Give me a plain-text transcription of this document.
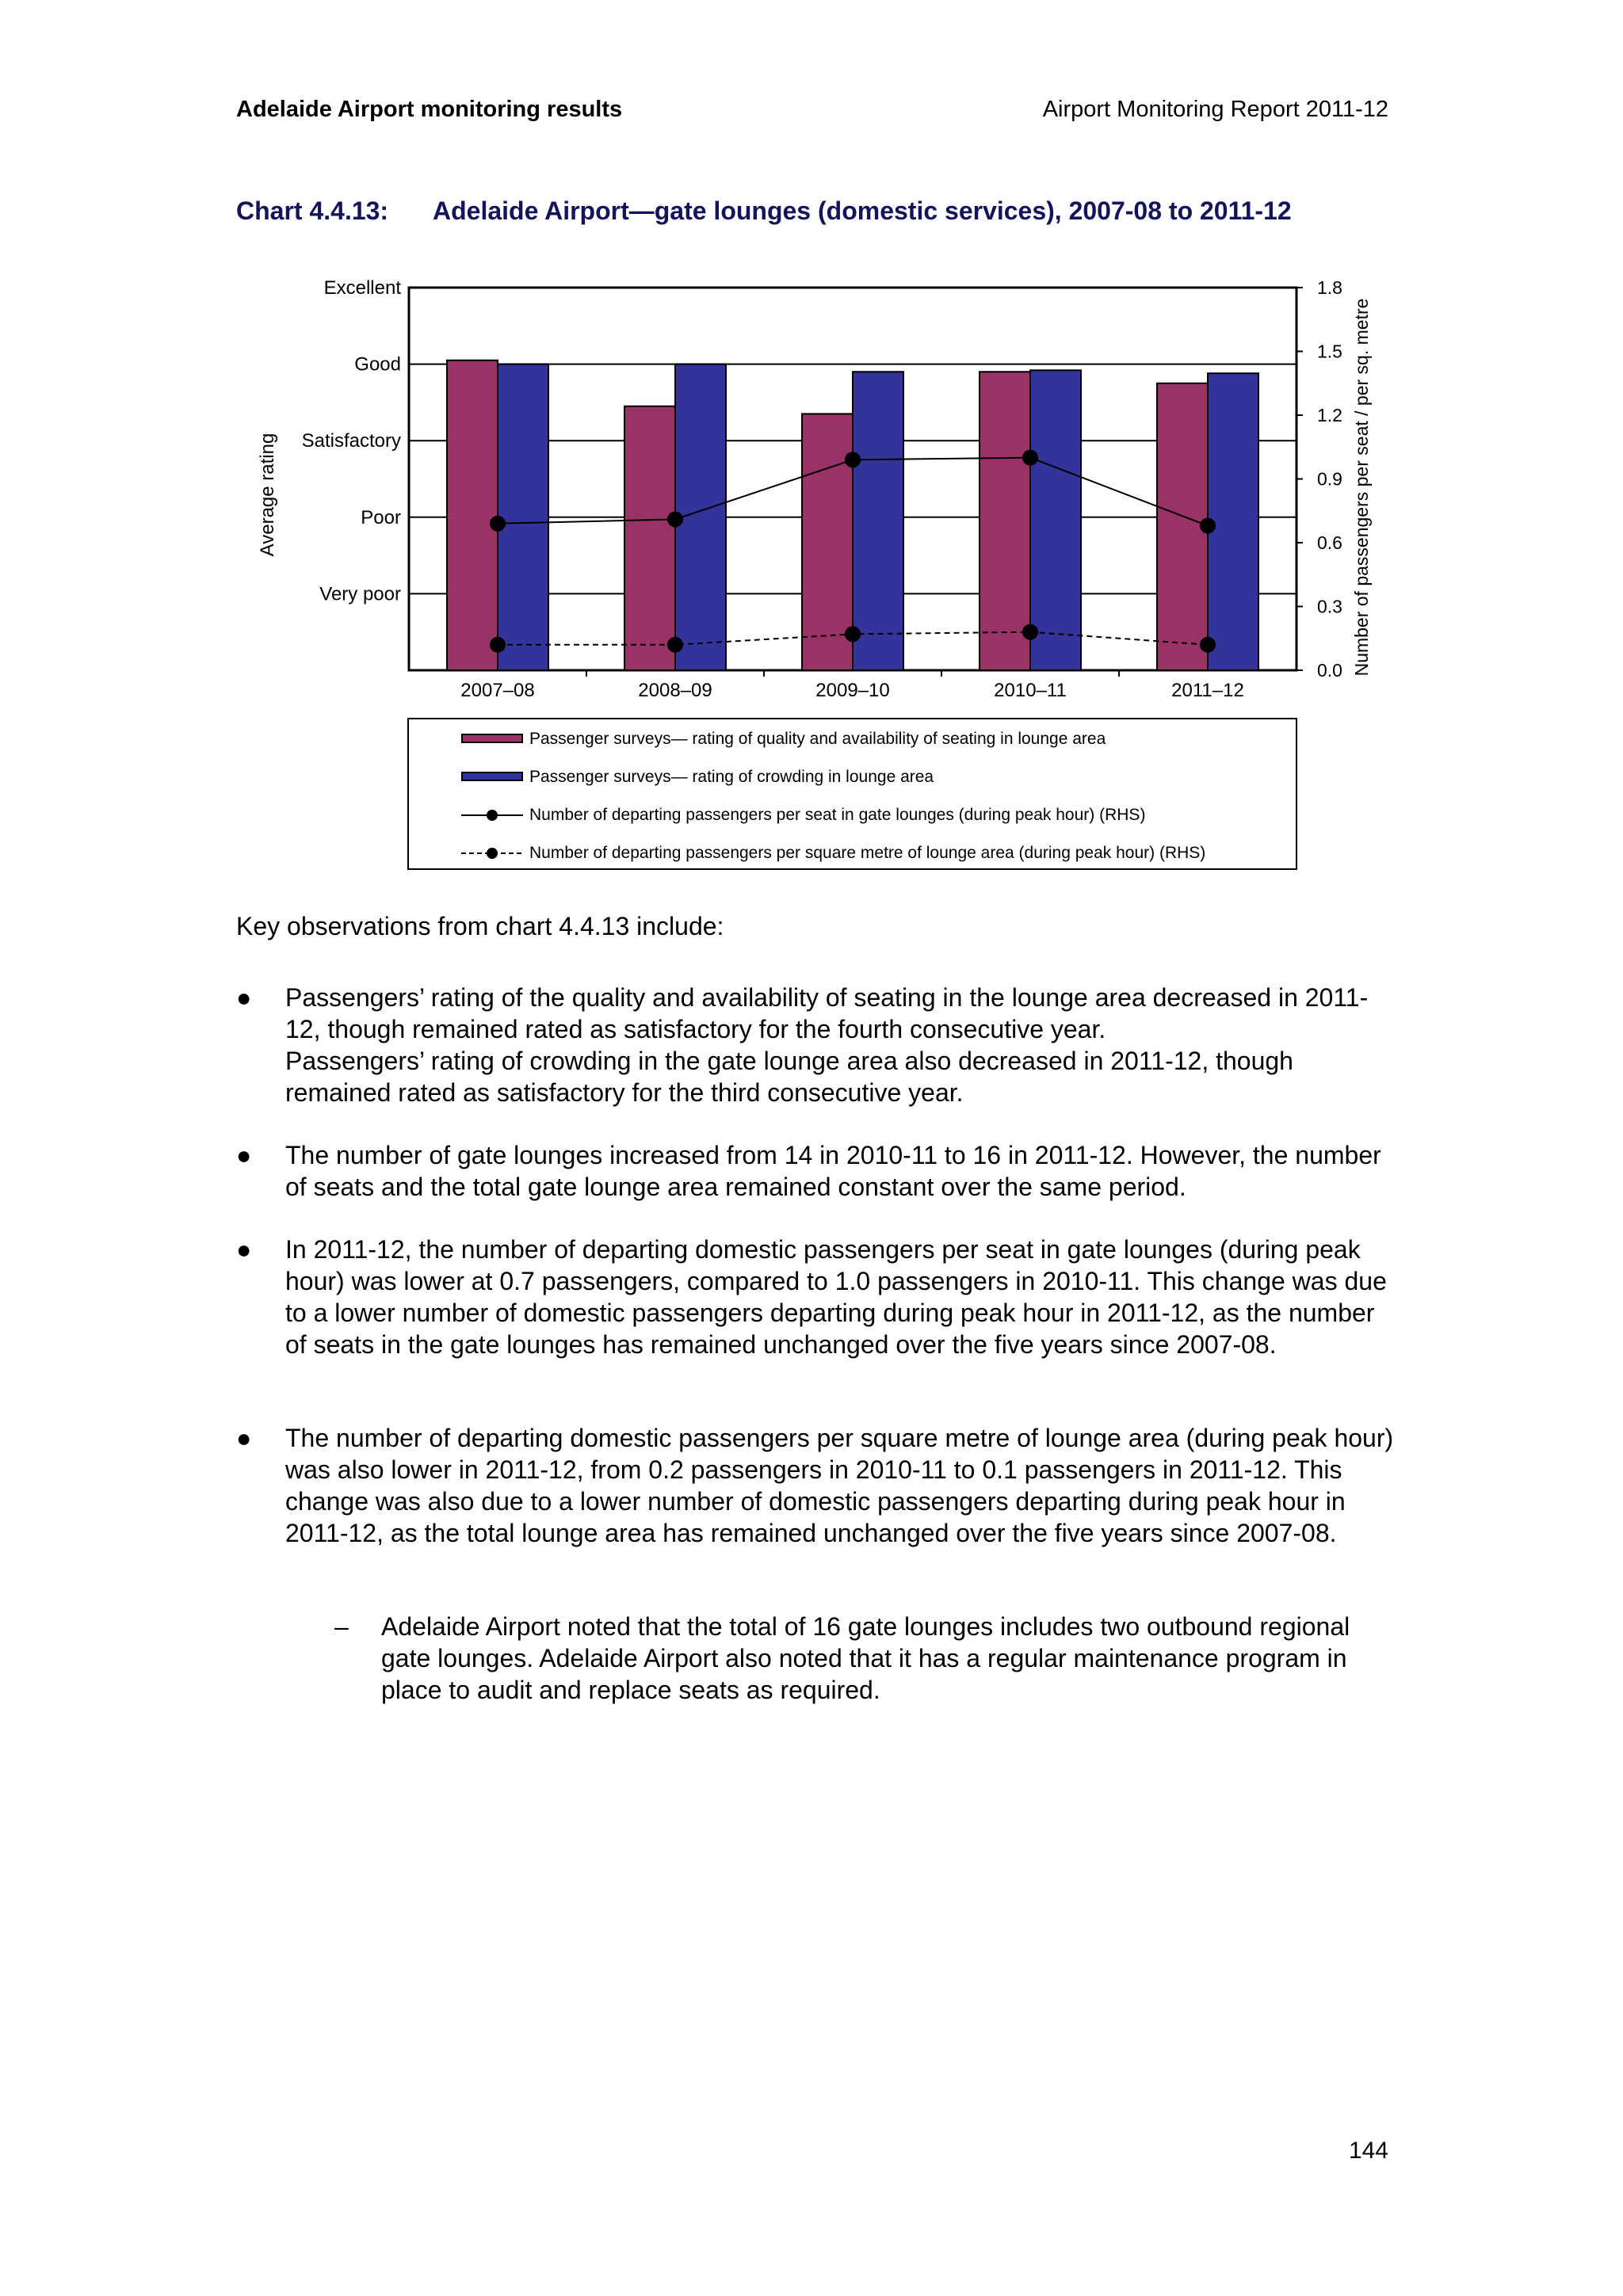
Adelaide Airport monitoring results	Airport Monitoring Report 2011-12
Chart 4.4.13: Adelaide Airport—gate lounges (domestic services), 2007-08 to 2011-12
Very poor
Poor
Satisfactory
Good
Excellent
0.0
0.3
0.6
0.9
1.2
1.5
1.8
Average rating	Number of passengers per seat / per sq. metre
2007–08	2008–09	2009–10	2010–11	2011–12
Passenger surveys— rating of quality and availability of seating in lounge area
Passenger surveys— rating of crowding in lounge area
Number of departing passengers per seat in gate lounges (during peak hour) (RHS)
Number of departing passengers per square metre of lounge area (during peak hour) (RHS)
Key observations from chart 4.4.13 include:
● Passengers’ rating of the quality and availability of seating in the lounge area decreased in 2011-12, though remained rated as satisfactory for the fourth consecutive year.

Passengers’ rating of crowding in the gate lounge area also decreased in 2011-12, though remained rated as satisfactory for the third consecutive year.

● The number of gate lounges increased from 14 in 2010-11 to 16 in 2011-12. However, the number of seats and the total gate lounge area remained constant over the same period.

● In 2011-12, the number of departing domestic passengers per seat in gate lounges (during peak hour) was lower at 0.7 passengers, compared to 1.0 passengers in 2010-11. This change was due to a lower number of domestic passengers departing during peak hour in 2011-12, as the number of seats in the gate lounges has remained unchanged over the five years since 2007-08.

● The number of departing domestic passengers per square metre of lounge area (during peak hour) was also lower in 2011-12, from 0.2 passengers in 2010-11 to 0.1 passengers in 2011-12. This change was also due to a lower number of domestic passengers departing during peak hour in 2011-12, as the total lounge area has remained unchanged over the five years since 2007-08.

– Adelaide Airport noted that the total of 16 gate lounges includes two outbound regional gate lounges. Adelaide Airport also noted that it has a regular maintenance program in place to audit and replace seats as required.
144
